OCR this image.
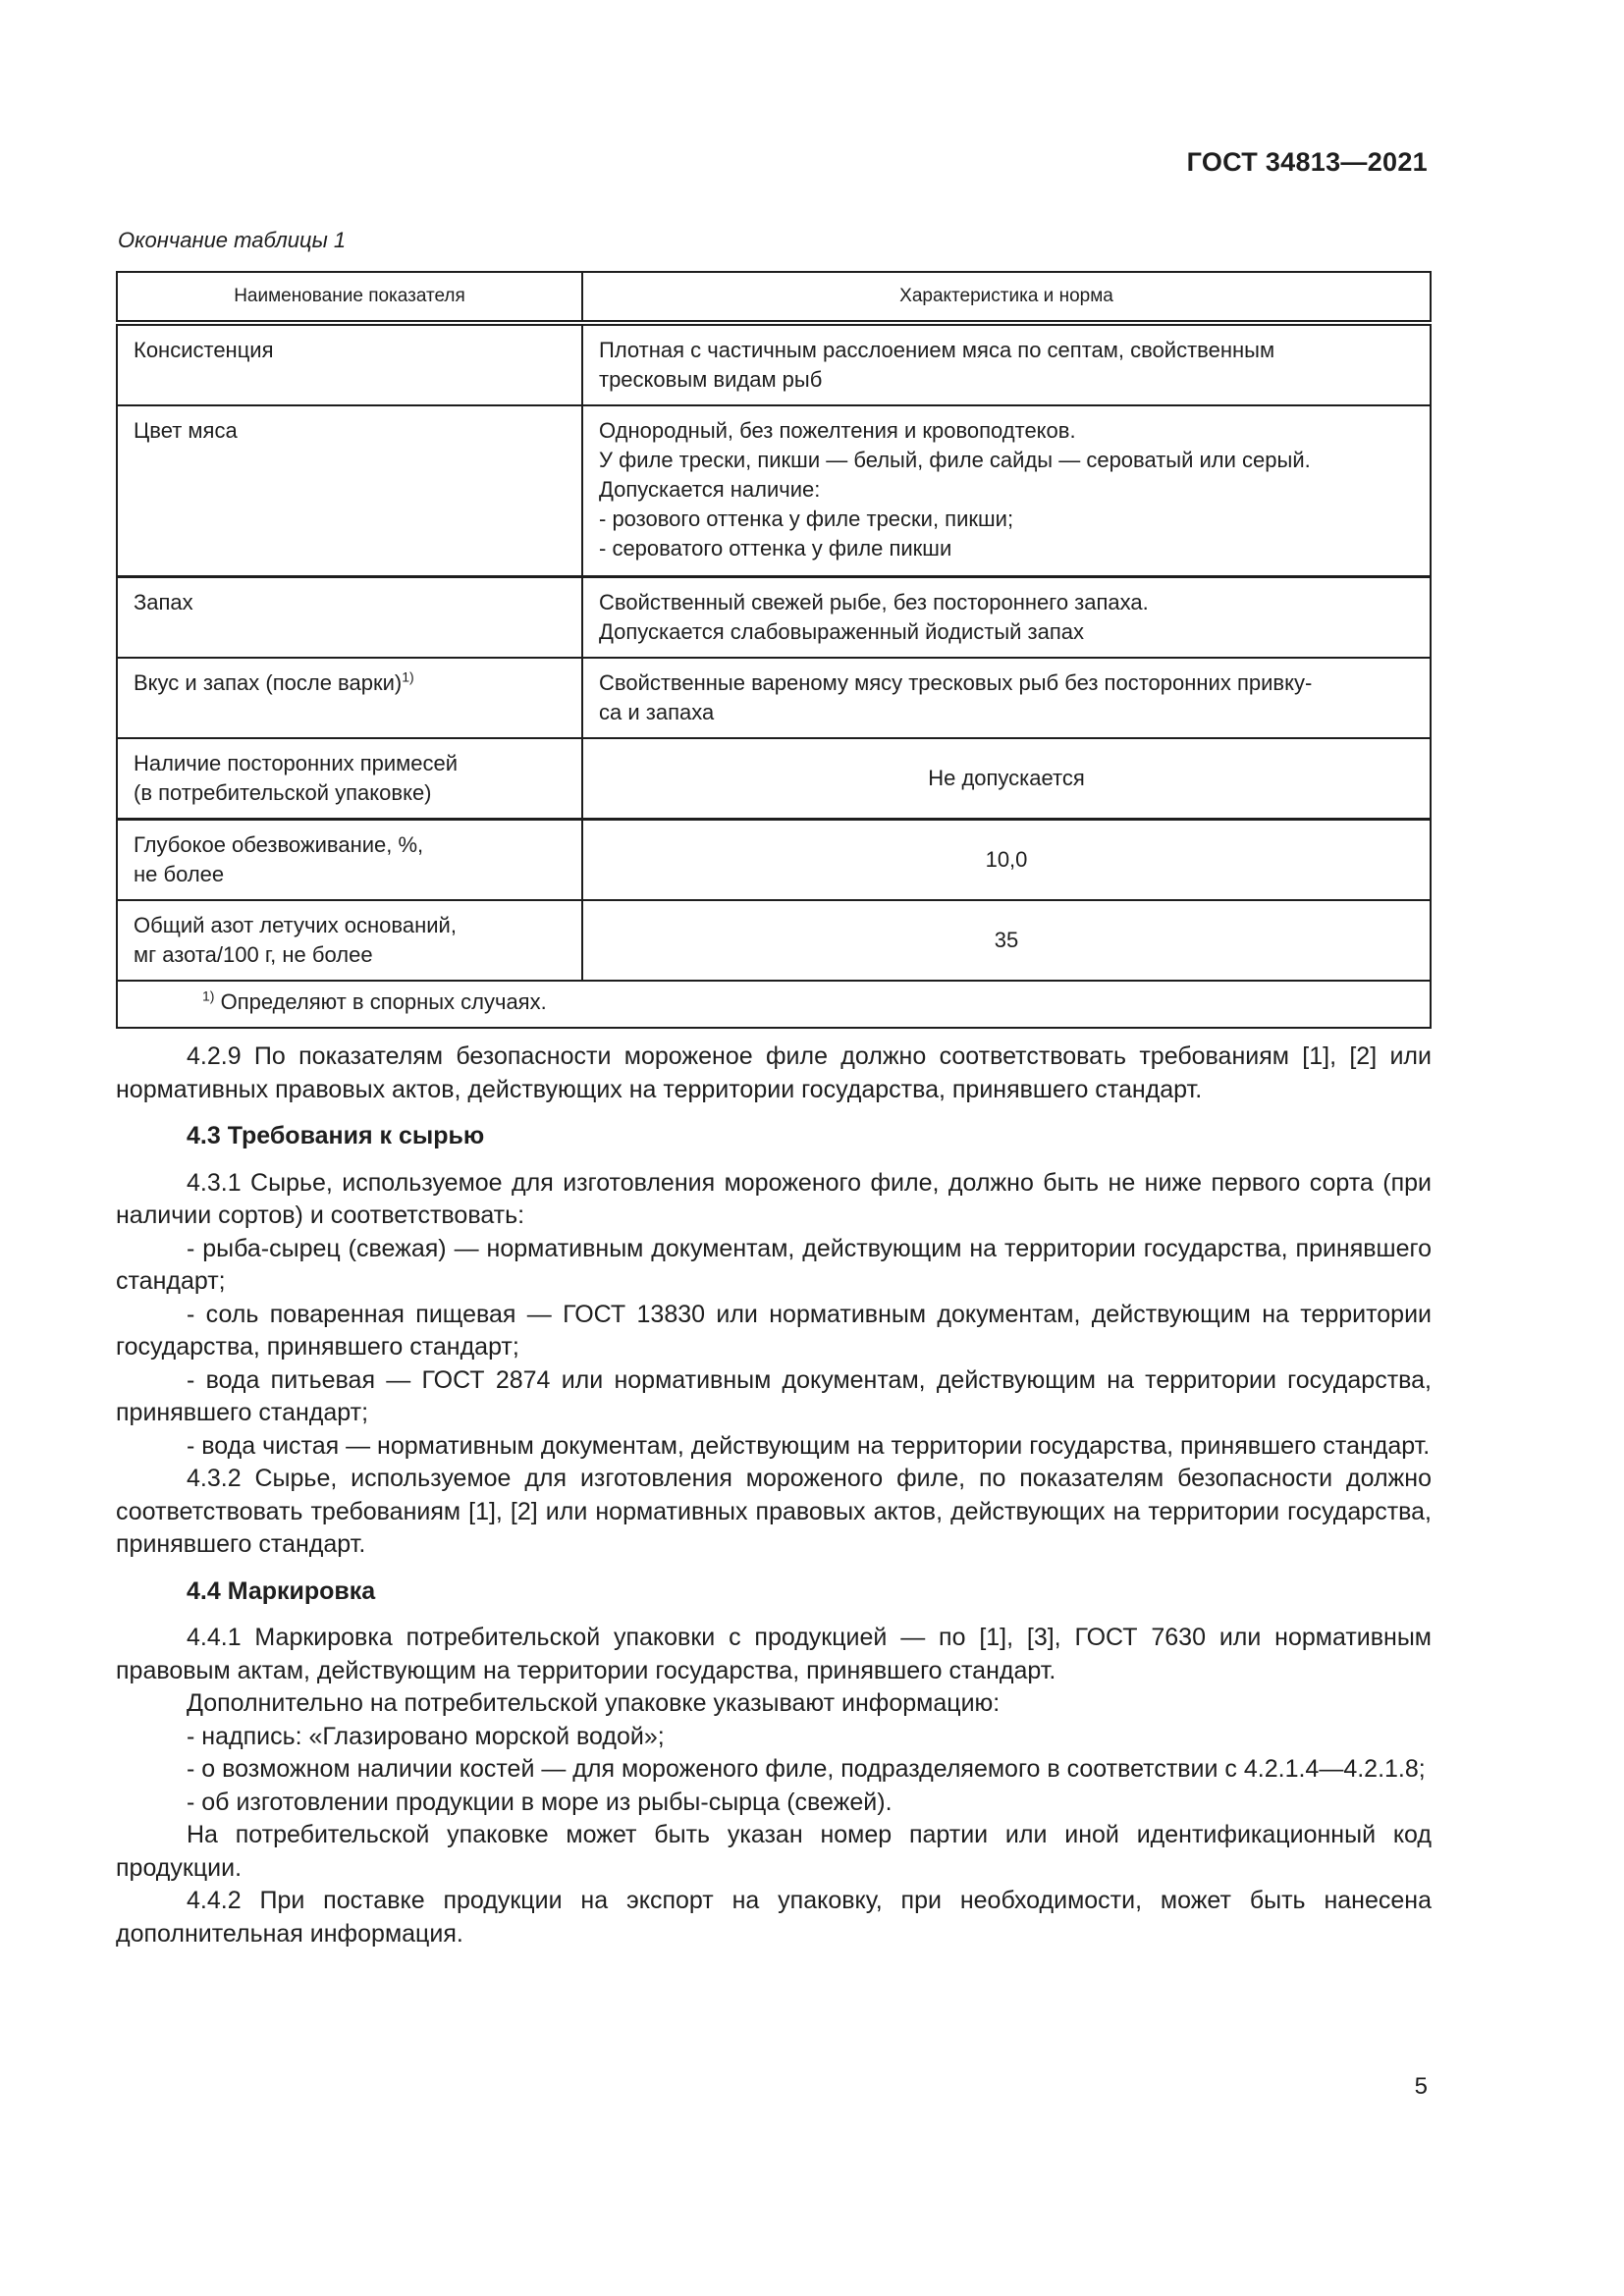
ГОСТ 34813—2021
Окончание таблицы 1
Наименование показателя	Характеристика и норма
Консистенция	Плотная с частичным расслоением мяса по септам, свойственным
тресковым видам рыб

Цвет мяса	Однородный, без пожелтения и кровоподтеков.
У филе трески, пикши — белый, филе сайды — сероватый или серый.
Допускается наличие:
- розового оттенка у филе трески, пикши;
- сероватого оттенка у филе пикши

Запах	Свойственный свежей рыбе, без постороннего запаха.
Допускается слабовыраженный йодистый запах

Вкус и запах (после варки)$^{1)}$	Свойственные вареному мясу тресковых рыб без посторонних привку-
са и запаха

Наличие посторонних примесей
(в потребительской упаковке)	Не допускается

Глубокое обезвоживание, %,
не более	10,0

Общий азот летучих оснований,
мг азота/100 г, не более	35
$^{1)}$ Определяют в спорных случаях.	

4.2.9 По показателям безопасности мороженое филе должно соответствовать требованиям [1], [2] или нормативных правовых актов, действующих на территории государства, принявшего стандарт.

4.3 Требования к сырью

4.3.1 Сырье, используемое для изготовления мороженого филе, должно быть не ниже первого сорта (при наличии сортов) и соответствовать:

- рыба-сырец (свежая) — нормативным документам, действующим на территории государства, принявшего стандарт;

- соль поваренная пищевая — ГОСТ 13830 или нормативным документам, действующим на территории государства, принявшего стандарт;

- вода питьевая — ГОСТ 2874 или нормативным документам, действующим на территории государства, принявшего стандарт;

- вода чистая — нормативным документам, действующим на территории государства, принявшего стандарт.

4.3.2 Сырье, используемое для изготовления мороженого филе, по показателям безопасности должно соответствовать требованиям [1], [2] или нормативных правовых актов, действующих на территории государства, принявшего стандарт.

4.4 Маркировка

4.4.1 Маркировка потребительской упаковки с продукцией — по [1], [3], ГОСТ 7630 или нормативным правовым актам, действующим на территории государства, принявшего стандарт.

Дополнительно на потребительской упаковке указывают информацию:

- надпись: «Глазировано морской водой»;

- о возможном наличии костей — для мороженого филе, подразделяемого в соответствии с 4.2.1.4—4.2.1.8;

- об изготовлении продукции в море из рыбы-сырца (свежей).

На потребительской упаковке может быть указан номер партии или иной идентификационный код продукции.

4.4.2 При поставке продукции на экспорт на упаковку, при необходимости, может быть нанесена дополнительная информация.

5
